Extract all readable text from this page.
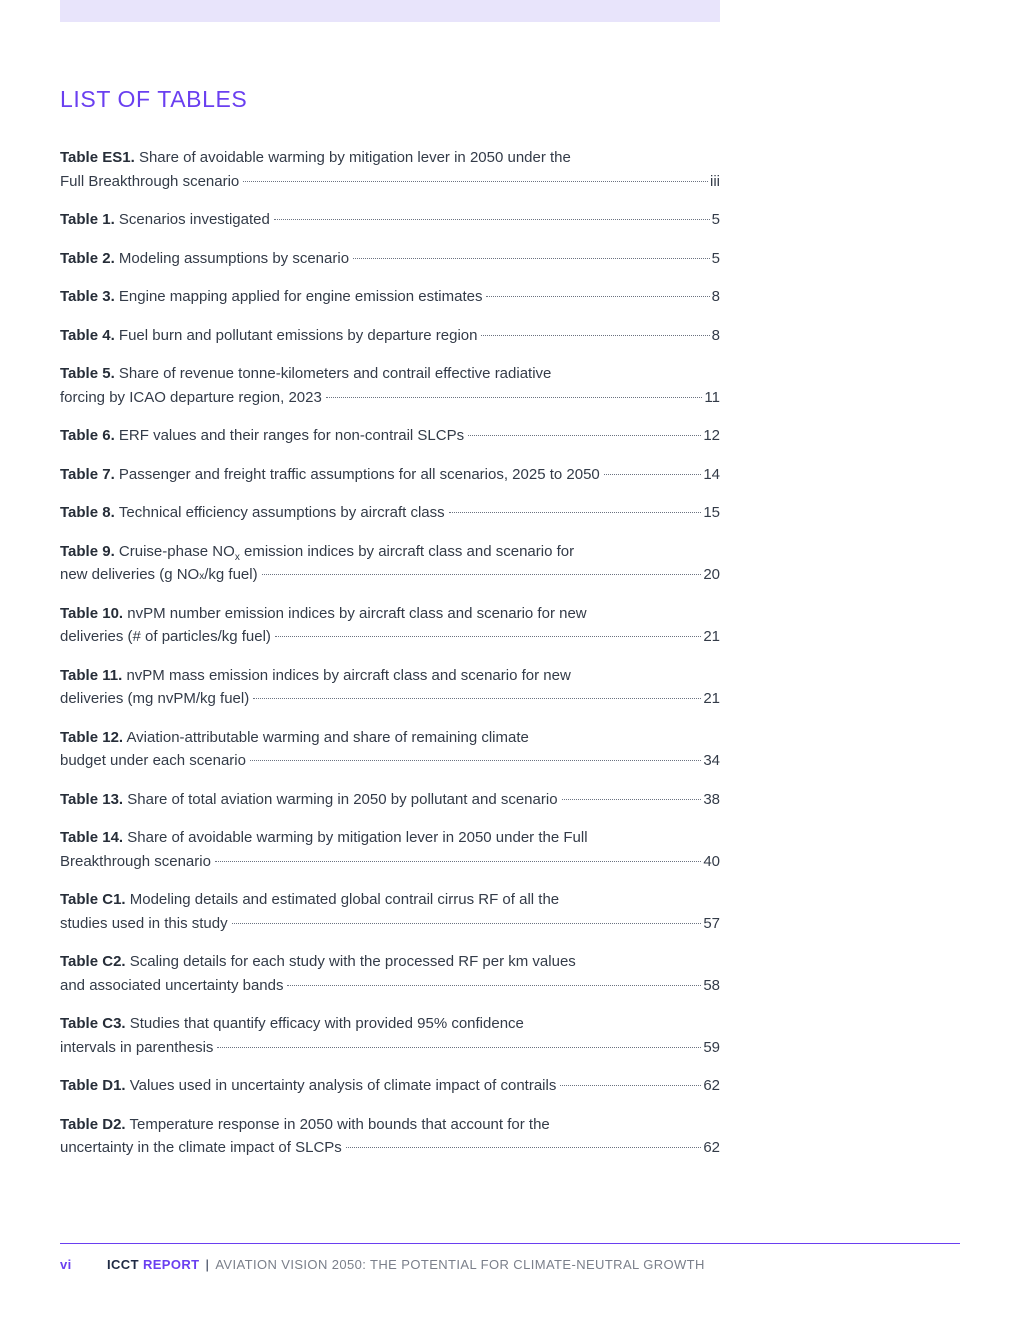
LIST OF TABLES
Table ES1. Share of avoidable warming by mitigation lever in 2050 under the
Full Breakthrough scenario	iii
Table 1.
Scenarios investigated	5
Table 2.
Modeling assumptions by scenario	5
Table 3.
Engine mapping applied for engine emission estimates	8
Table 4.
Fuel burn and pollutant emissions by departure region	8
Table 5. Share of revenue tonne-kilometers and contrail effective radiative
forcing by ICAO departure region, 2023	11
Table 6.
ERF values and their ranges for non-contrail SLCPs	12
Table 7.
Passenger and freight traffic assumptions for all scenarios, 2025 to 2050	14
Table 8.
Technical efficiency assumptions by aircraft class	15
Table 9. Cruise-phase $NO_x$ emission indices by aircraft class and scenario for
new deliveries (g NO x /kg fuel)	20
Table 10. nvPM number emission indices by aircraft class and scenario for new
deliveries (# of particles/kg fuel)	21
Table 11. nvPM mass emission indices by aircraft class and scenario for new
deliveries (mg nvPM/kg fuel)	21
Table 12. Aviation-attributable warming and share of remaining climate
budget under each scenario	34
Table 13.
Share of total aviation warming in 2050 by pollutant and scenario	38
Table 14. Share of avoidable warming by mitigation lever in 2050 under the Full
Breakthrough scenario	40
Table C1. Modeling details and estimated global contrail cirrus RF of all the
studies used in this study	57
Table C2. Scaling details for each study with the processed RF per km values
and associated uncertainty bands	58
Table C3. Studies that quantify efficacy with provided 95% confidence
intervals in parenthesis	59
Table D1.
Values used in uncertainty analysis of climate impact of contrails	62
Table D2. Temperature response in 2050 with bounds that account for the
uncertainty in the climate impact of SLCPs	62
vi	ICCT REPORT | AVIATION VISION 2050: THE POTENTIAL FOR CLIMATE-NEUTRAL GROWTH
